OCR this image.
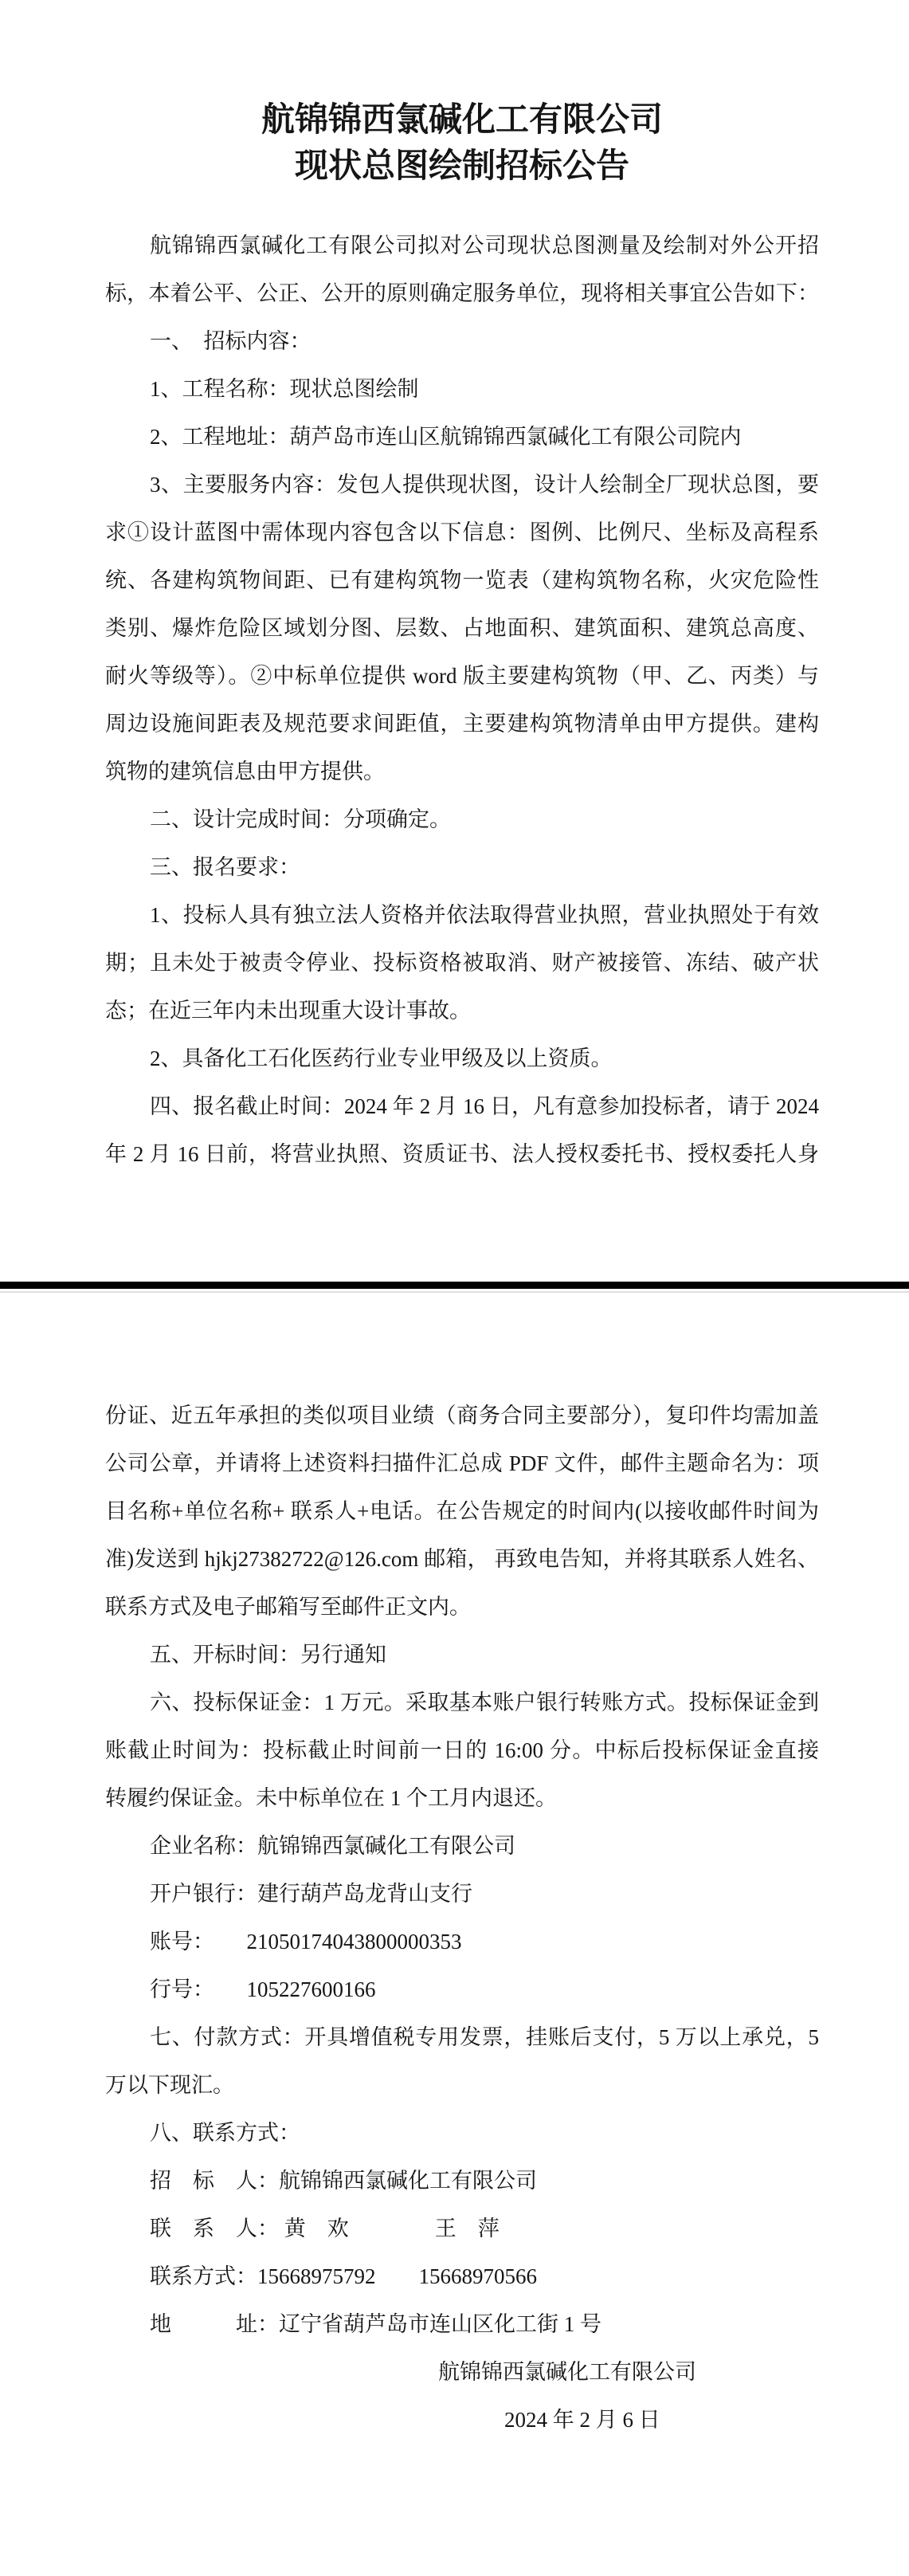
航锦锦西氯碱化工有限公司
现状总图绘制招标公告
航锦锦西氯碱化工有限公司拟对公司现状总图测量及绘制对外公开招
标，本着公平、公正、公开的原则确定服务单位，现将相关事宜公告如下：
一、　招标内容：
1、工程名称：现状总图绘制
2、工程地址：葫芦岛市连山区航锦锦西氯碱化工有限公司院内
3、主要服务内容：发包人提供现状图，设计人绘制全厂现状总图，要
求①设计蓝图中需体现内容包含以下信息：图例、比例尺、坐标及高程系
统、各建构筑物间距、已有建构筑物一览表（建构筑物名称，火灾危险性
类别、爆炸危险区域划分图、层数、占地面积、建筑面积、建筑总高度、
耐火等级等）。②中标单位提供 word 版主要建构筑物（甲、乙、丙类）与
周边设施间距表及规范要求间距值，主要建构筑物清单由甲方提供。建构
筑物的建筑信息由甲方提供。
二、设计完成时间：分项确定。
三、报名要求：
1、投标人具有独立法人资格并依法取得营业执照，营业执照处于有效
期；且未处于被责令停业、投标资格被取消、财产被接管、冻结、破产状
态；在近三年内未出现重大设计事故。
2、具备化工石化医药行业专业甲级及以上资质。
四、报名截止时间：2024 年 2 月 16 日，凡有意参加投标者，请于 2024
年 2 月 16 日前，将营业执照、资质证书、法人授权委托书、授权委托人身
份证、近五年承担的类似项目业绩（商务合同主要部分），复印件均需加盖
公司公章，并请将上述资料扫描件汇总成 PDF 文件，邮件主题命名为：项
目名称+单位名称+ 联系人+电话。在公告规定的时间内(以接收邮件时间为
准)发送到 hjkj27382722@126.com 邮箱， 再致电告知，并将其联系人姓名、
联系方式及电子邮箱写至邮件正文内。
五、开标时间：另行通知
六、投标保证金：1 万元。采取基本账户银行转账方式。投标保证金到
账截止时间为：投标截止时间前一日的 16:00 分。中标后投标保证金直接
转履约保证金。未中标单位在 1 个工月内退还。
企业名称：航锦锦西氯碱化工有限公司
开户银行：建行葫芦岛龙背山支行
账号：　　21050174043800000353
行号：　　105227600166
七、付款方式：开具增值税专用发票，挂账后支付，5 万以上承兑，5
万以下现汇。
八、联系方式：
招　标　人：航锦锦西氯碱化工有限公司
联　系　人： 黄　欢　　　　王　萍
联系方式：15668975792　　15668970566
地　　　址：辽宁省葫芦岛市连山区化工街 1 号
航锦锦西氯碱化工有限公司
2024 年 2 月 6 日
